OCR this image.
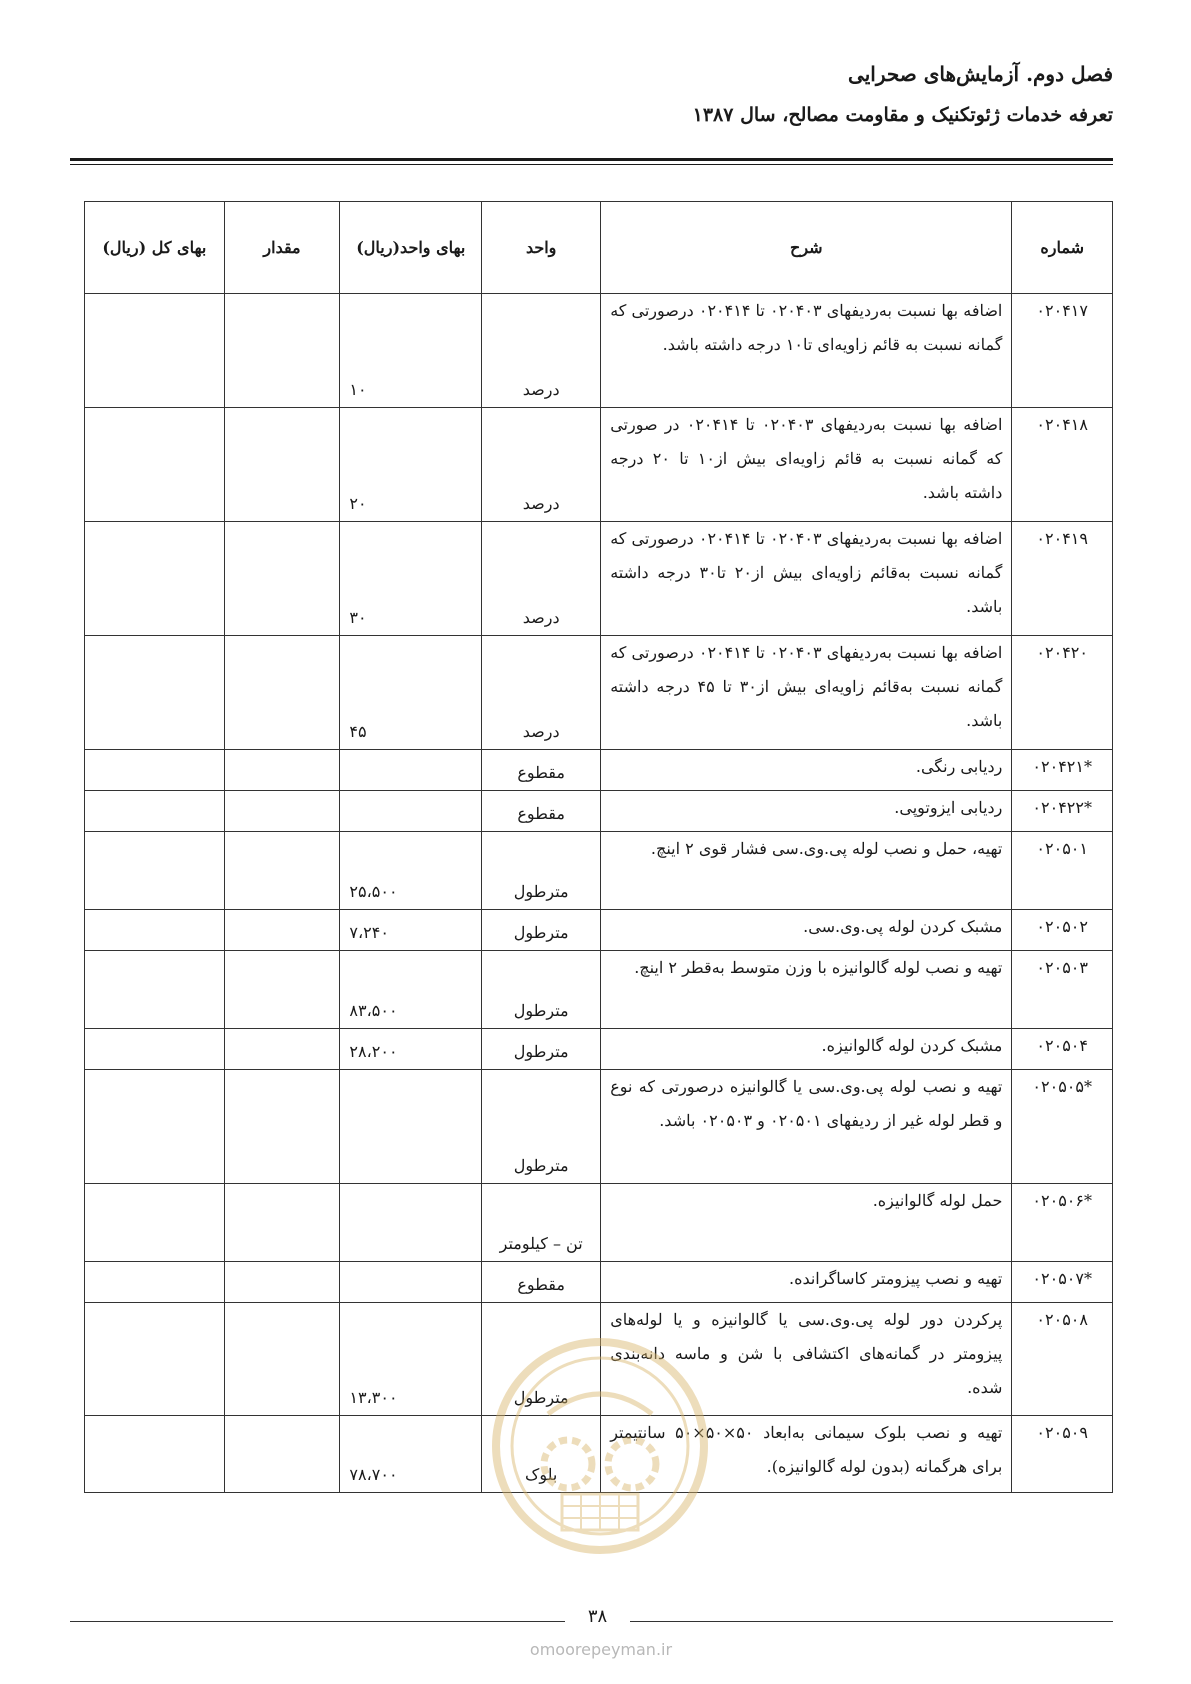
فصل دوم. آزمایش‌های صحرایی
تعرفه خدمات ژئوتکنیک و مقاومت مصالح، سال ۱۳۸۷
شماره	شرح	واحد	بهای واحد(ریال)	مقدار	بهای کل (ریال)
۰۲۰۴۱۷	اضافه بها نسبت به‌ردیفهای ۰۲۰۴۰۳ تا ۰۲۰۴۱۴ درصورتی که گمانه نسبت به قائم زاویه‌ای تا۱۰ درجه داشته باشد.	درصد	۱۰		
۰۲۰۴۱۸	اضافه بها نسبت به‌ردیفهای ۰۲۰۴۰۳ تا ۰۲۰۴۱۴ در صورتی که گمانه نسبت به قائم زاویه‌ای بیش از۱۰ تا ۲۰ درجه داشته باشد.	درصد	۲۰		
۰۲۰۴۱۹	اضافه بها نسبت به‌ردیفهای ۰۲۰۴۰۳ تا ۰۲۰۴۱۴ درصورتی که گمانه نسبت به‌قائم زاویه‌ای بیش از۲۰ تا۳۰ درجه داشته باشد.	درصد	۳۰		
۰۲۰۴۲۰	اضافه بها نسبت به‌ردیفهای ۰۲۰۴۰۳ تا ۰۲۰۴۱۴ درصورتی که گمانه نسبت به‌قائم زاویه‌ای بیش از۳۰ تا ۴۵ درجه داشته باشد.	درصد	۴۵		
*۰۲۰۴۲۱	ردیابی رنگی.	مقطوع			
*۰۲۰۴۲۲	ردیابی ایزوتوپی.	مقطوع			
۰۲۰۵۰۱	تهیه، حمل و نصب لوله پی.وی.سی فشار قوی ۲ اینچ.	مترطول	۲۵،۵۰۰		
۰۲۰۵۰۲	مشبک کردن لوله پی.وی.سی.	مترطول	۷،۲۴۰		
۰۲۰۵۰۳	تهیه و نصب لوله گالوانیزه با وزن متوسط به‌قطر ۲ اینچ.	مترطول	۸۳،۵۰۰		
۰۲۰۵۰۴	مشبک کردن لوله گالوانیزه.	مترطول	۲۸،۲۰۰		
*۰۲۰۵۰۵	تهیه و نصب لوله پی.وی.سی یا گالوانیزه درصورتی که نوع و قطر لوله غیر از ردیفهای ۰۲۰۵۰۱ و ۰۲۰۵۰۳ باشد.	مترطول			
*۰۲۰۵۰۶	حمل لوله گالوانیزه.	تن – کیلومتر			
*۰۲۰۵۰۷	تهیه و نصب پیزومتر کاساگرانده.	مقطوع			
۰۲۰۵۰۸	پرکردن دور لوله پی.وی.سی یا گالوانیزه و یا لوله‌های پیزومتر در گمانه‌های اکتشافی با شن و ماسه دانه‌بندی شده.	مترطول	۱۳،۳۰۰		
۰۲۰۵۰۹	تهیه و نصب بلوک سیمانی به‌ابعاد ۵۰×۵۰×۵۰ سانتیمتر برای هرگمانه (بدون لوله گالوانیزه).	بلوک	۷۸،۷۰۰		
۳۸
omoorepeyman.ir
